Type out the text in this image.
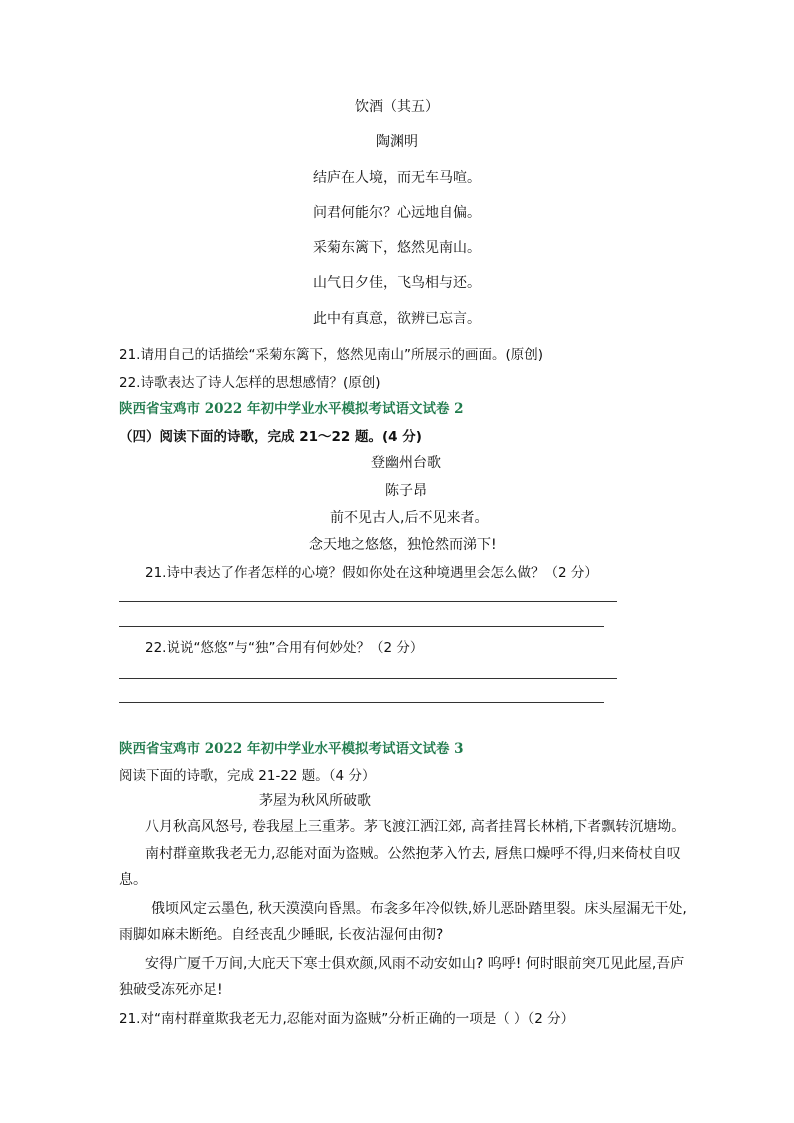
饮酒（其五）
陶渊明
结庐在人境，而无车马喧。
问君何能尔？心远地自偏。
采菊东篱下，悠然见南山。
山气日夕佳，飞鸟相与还。
此中有真意，欲辨已忘言。
21.请用自己的话描绘“采菊东篱下，悠然见南山”所展示的画面。(原创)
22.诗歌表达了诗人怎样的思想感情？(原创)
陕西省宝鸡市 2022 年初中学业水平模拟考试语文试卷 2
（四）阅读下面的诗歌，完成 21～22 题。(4 分)
登幽州台歌
陈子昂
前不见古人,后不见来者。
念天地之悠悠，独怆然而涕下!
21.诗中表达了作者怎样的心境？假如你处在这种境遇里会怎么做？（2 分）
22.说说“悠悠”与“独”合用有何妙处？（2 分）
陕西省宝鸡市 2022 年初中学业水平模拟考试语文试卷 3
阅读下面的诗歌，完成 21-22 题。（4 分）
茅屋为秋风所破歌
八月秋高风怒号, 卷我屋上三重茅。茅飞渡江洒江郊, 高者挂罥长林梢,下者飘转沉塘坳。
南村群童欺我老无力,忍能对面为盗贼。公然抱茅入竹去, 唇焦口燥呼不得,归来倚杖自叹息。
俄顷风定云墨色, 秋天漠漠向昏黑。布衾多年冷似铁,娇儿恶卧踏里裂。床头屋漏无干处, 雨脚如麻未断绝。自经丧乱少睡眠, 长夜沾湿何由彻?
安得广厦千万间,大庇天下寒士俱欢颜,风雨不动安如山? 呜呼! 何时眼前突兀见此屋,吾庐独破受冻死亦足!
21.对“南村群童欺我老无力,忍能对面为盗贼”分析正确的一项是（ ）（2 分）
